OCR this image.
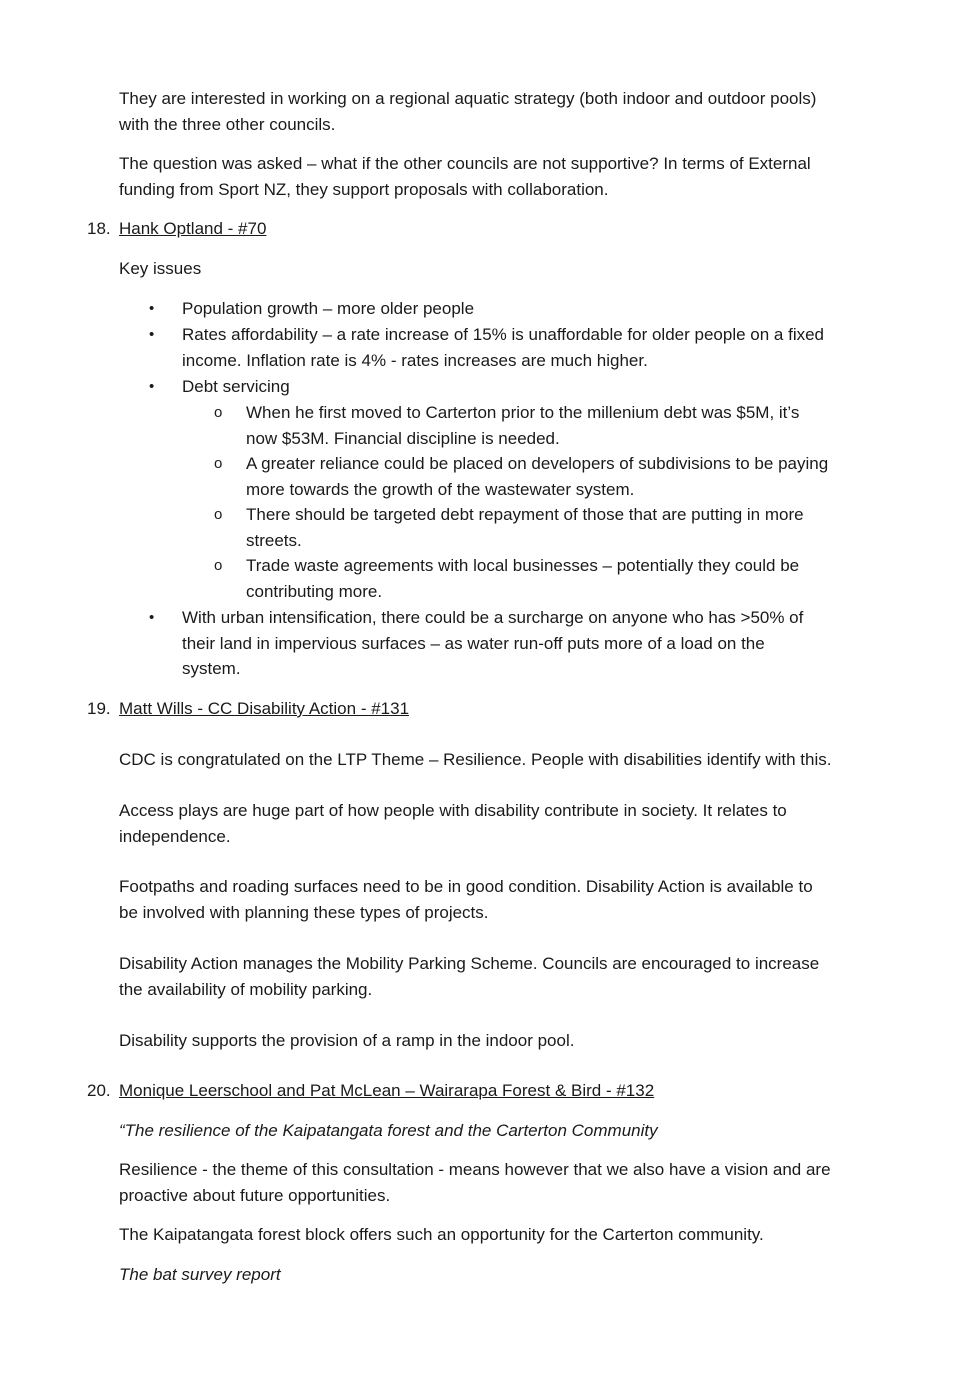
They are interested in working on a regional aquatic strategy (both indoor and outdoor pools)
with the three other councils.
The question was asked – what if the other councils are not supportive? In terms of External
funding from Sport NZ, they support proposals with collaboration.
18. Hank Optland - #70
Key issues
• Population growth – more older people
• Rates affordability – a rate increase of 15% is unaffordable for older people on a fixed
income. Inflation rate is 4% - rates increases are much higher.
• Debt servicing
o When he first moved to Carterton prior to the millenium debt was $5M, it’s
now $53M. Financial discipline is needed.
o A greater reliance could be placed on developers of subdivisions to be paying
more towards the growth of the wastewater system.
o There should be targeted debt repayment of those that are putting in more
streets.
o Trade waste agreements with local businesses – potentially they could be
contributing more.
• With urban intensification, there could be a surcharge on anyone who has >50% of
their land in impervious surfaces – as water run-off puts more of a load on the
system.
19. Matt Wills - CC Disability Action - #131
CDC is congratulated on the LTP Theme – Resilience. People with disabilities identify with this.
Access plays are huge part of how people with disability contribute in society. It relates to
independence.
Footpaths and roading surfaces need to be in good condition. Disability Action is available to
be involved with planning these types of projects.
Disability Action manages the Mobility Parking Scheme. Councils are encouraged to increase
the availability of mobility parking.
Disability supports the provision of a ramp in the indoor pool.
20. Monique Leerschool and Pat McLean – Wairarapa Forest & Bird - #132
“The resilience of the Kaipatangata forest and the Carterton Community
Resilience - the theme of this consultation - means however that we also have a vision and are
proactive about future opportunities.
The Kaipatangata forest block offers such an opportunity for the Carterton community.
The bat survey report
